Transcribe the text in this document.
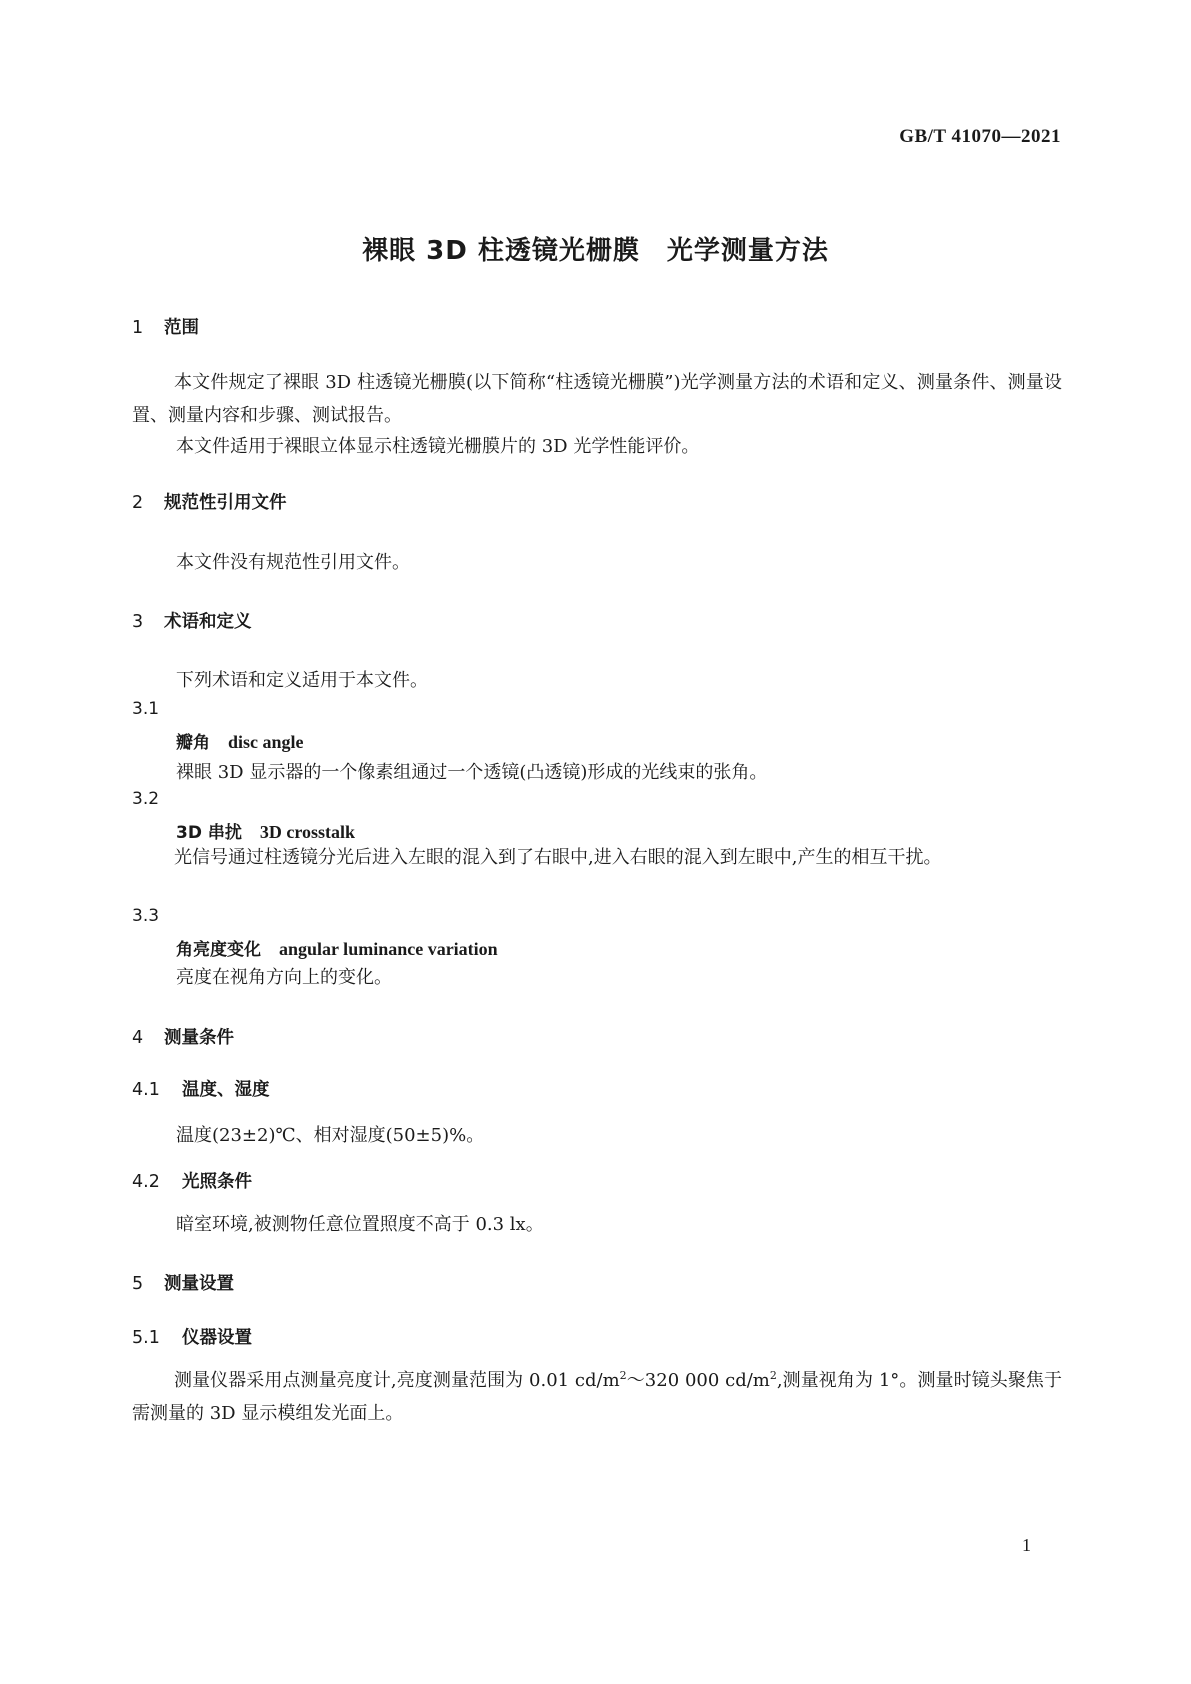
GB/T 41070—2021
裸眼 3D 柱透镜光栅膜　光学测量方法
1 范围
本文件规定了裸眼 3D 柱透镜光栅膜(以下简称“柱透镜光栅膜”)光学测量方法的术语和定义、测量条件、测量设置、测量内容和步骤、测试报告。
本文件适用于裸眼立体显示柱透镜光栅膜片的 3D 光学性能评价。
2 规范性引用文件
本文件没有规范性引用文件。
3 术语和定义
下列术语和定义适用于本文件。
3.1
瓣角 disc angle
裸眼 3D 显示器的一个像素组通过一个透镜(凸透镜)形成的光线束的张角。
3.2
3D 串扰 3D crosstalk
光信号通过柱透镜分光后进入左眼的混入到了右眼中,进入右眼的混入到左眼中,产生的相互干扰。
3.3
角亮度变化 angular luminance variation
亮度在视角方向上的变化。
4 测量条件
4.1 温度、湿度
温度(23±2)℃、相对湿度(50±5)%。
4.2 光照条件
暗室环境,被测物任意位置照度不高于 0.3 lx。
5 测量设置
5.1 仪器设置
测量仪器采用点测量亮度计,亮度测量范围为 0.01 $cd/m^2\sim 320$ 000 $cd/m^2$,测量视角为 1°。测量时镜头聚焦于需测量的 3D 显示模组发光面上。
1
